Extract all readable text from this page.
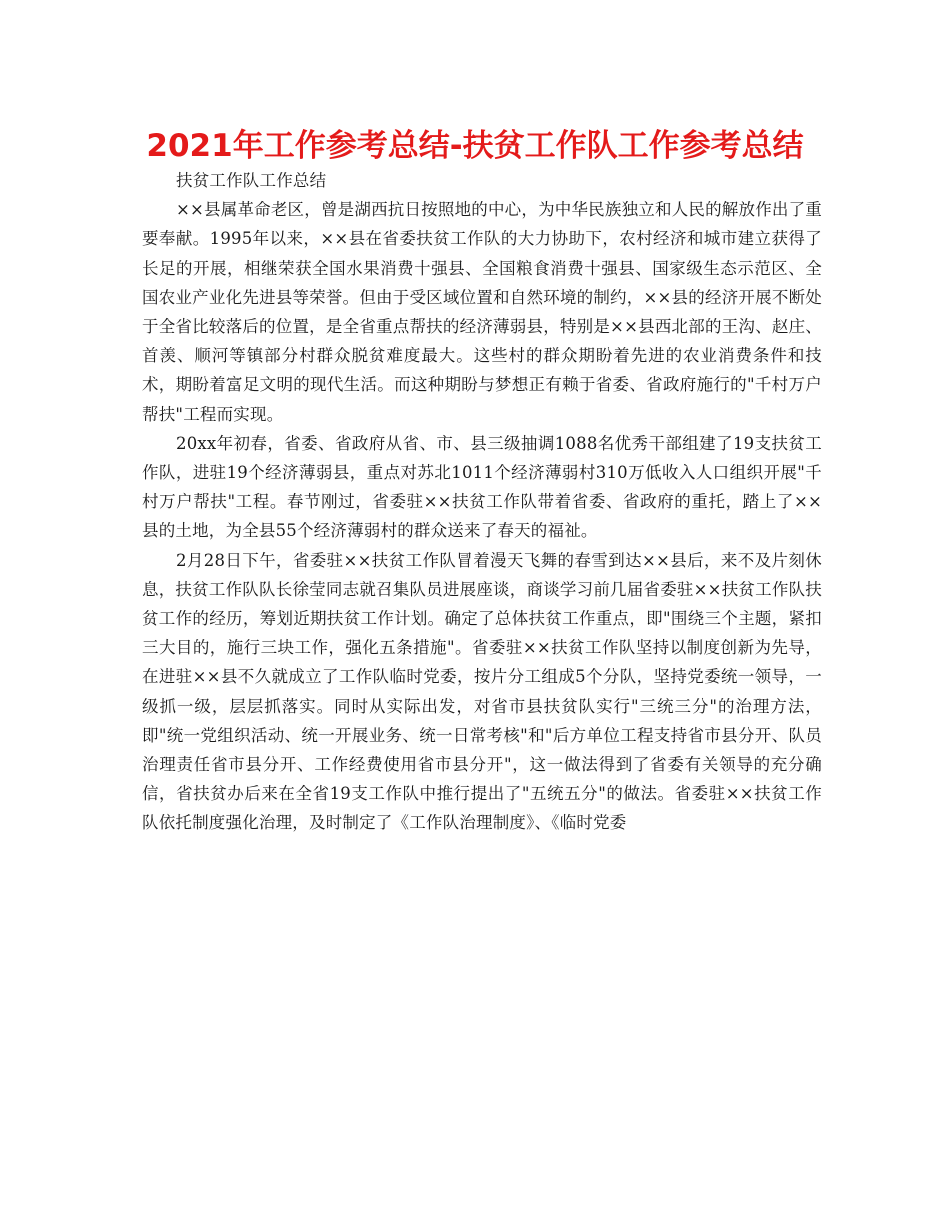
2021年工作参考总结-扶贫工作队工作参考总结

扶贫工作队工作总结

××县属革命老区，曾是湖西抗日按照地的中心，为中华民族独立和人民的解放作出了重要奉献。1995年以来，××县在省委扶贫工作队的大力协助下，农村经济和城市建立获得了长足的开展，相继荣获全国水果消费十强县、全国粮食消费十强县、国家级生态示范区、全国农业产业化先进县等荣誉。但由于受区域位置和自然环境的制约，××县的经济开展不断处于全省比较落后的位置，是全省重点帮扶的经济薄弱县，特别是××县西北部的王沟、赵庄、首羡、顺河等镇部分村群众脱贫难度最大。这些村的群众期盼着先进的农业消费条件和技术，期盼着富足文明的现代生活。而这种期盼与梦想正有赖于省委、省政府施行的"千村万户帮扶"工程而实现。

20xx年初春，省委、省政府从省、市、县三级抽调1088名优秀干部组建了19支扶贫工作队，进驻19个经济薄弱县，重点对苏北1011个经济薄弱村310万低收入人口组织开展"千村万户帮扶"工程。春节刚过，省委驻××扶贫工作队带着省委、省政府的重托，踏上了××县的土地，为全县55个经济薄弱村的群众送来了春天的福祉。

2月28日下午，省委驻××扶贫工作队冒着漫天飞舞的春雪到达××县后，来不及片刻休息，扶贫工作队队长徐莹同志就召集队员进展座谈，商谈学习前几届省委驻××扶贫工作队扶贫工作的经历，筹划近期扶贫工作计划。确定了总体扶贫工作重点，即"围绕三个主题，紧扣三大目的，施行三块工作，强化五条措施"。省委驻××扶贫工作队坚持以制度创新为先导，在进驻××县不久就成立了工作队临时党委，按片分工组成5个分队，坚持党委统一领导，一级抓一级，层层抓落实。同时从实际出发，对省市县扶贫队实行"三统三分"的治理方法，即"统一党组织活动、统一开展业务、统一日常考核"和"后方单位工程支持省市县分开、队员治理责任省市县分开、工作经费使用省市县分开"，这一做法得到了省委有关领导的充分确信，省扶贫办后来在全省19支工作队中推行提出了"五统五分"的做法。省委驻××扶贫工作队依托制度强化治理，及时制定了《工作队治理制度》、《临时党委
